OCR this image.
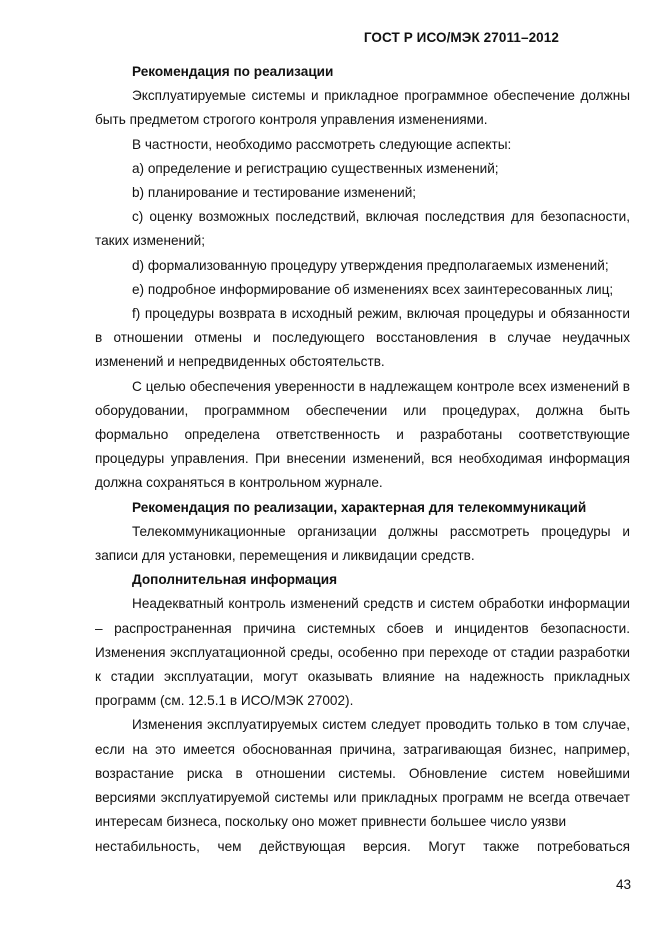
ГОСТ Р ИСО/МЭК 27011–2012

Рекомендация по реализации

Эксплуатируемые системы и прикладное программное обеспечение должны быть предметом строгого контроля управления изменениями.

В частности, необходимо рассмотреть следующие аспекты:

a) определение и регистрацию существенных изменений;

b) планирование и тестирование изменений;

c) оценку возможных последствий, включая последствия для безопасности, таких изменений;

d) формализованную процедуру утверждения предполагаемых изменений;

e) подробное информирование об изменениях всех заинтересованных лиц;

f) процедуры возврата в исходный режим, включая процедуры и обязанности в отношении отмены и последующего восстановления в случае неудачных изменений и непредвиденных обстоятельств.

С целью обеспечения уверенности в надлежащем контроле всех изменений в оборудовании, программном обеспечении или процедурах, должна быть формально определена ответственность и разработаны соответствующие процедуры управления. При внесении изменений, вся необходимая информация должна сохраняться в контрольном журнале.

Рекомендация по реализации, характерная для телекоммуникаций

Телекоммуникационные организации должны рассмотреть процедуры и записи для установки, перемещения и ликвидации средств.

Дополнительная информация

Неадекватный контроль изменений средств и систем обработки информации – распространенная причина системных сбоев и инцидентов безопасности. Изменения эксплуатационной среды, особенно при переходе от стадии разработки к стадии эксплуатации, могут оказывать влияние на надежность прикладных программ (см. 12.5.1 в ИСО/МЭК 27002).

Изменения эксплуатируемых систем следует проводить только в том случае, если на это имеется обоснованная причина, затрагивающая бизнес, например, возрастание риска в отношении системы. Обновление систем новейшими версиями эксплуатируемой системы или прикладных программ не всегда отвечает интересам бизнеса, поскольку оно может привнести большее число уязви

нестабильность, чем действующая версия. Могут также потребоваться

43
